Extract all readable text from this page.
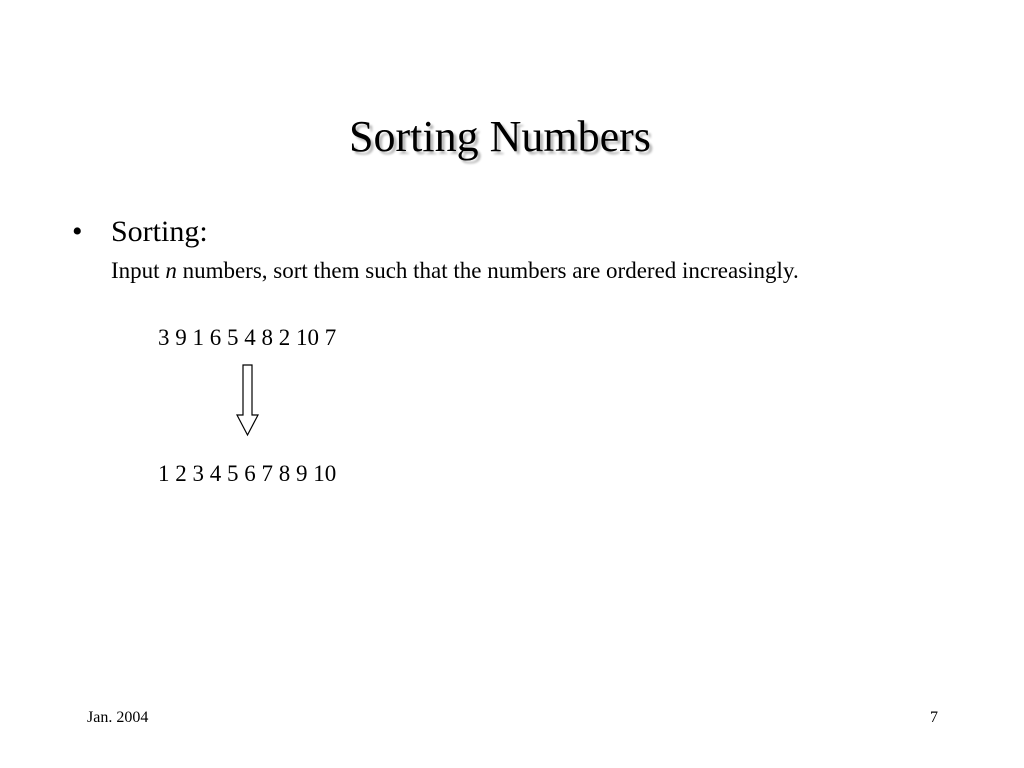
Sorting Numbers
• Sorting:
Input n numbers, sort them such that the numbers are ordered increasingly.
3 9 1 6 5 4 8 2 10 7
1 2 3 4 5 6 7 8 9 10
Jan. 2004	7
